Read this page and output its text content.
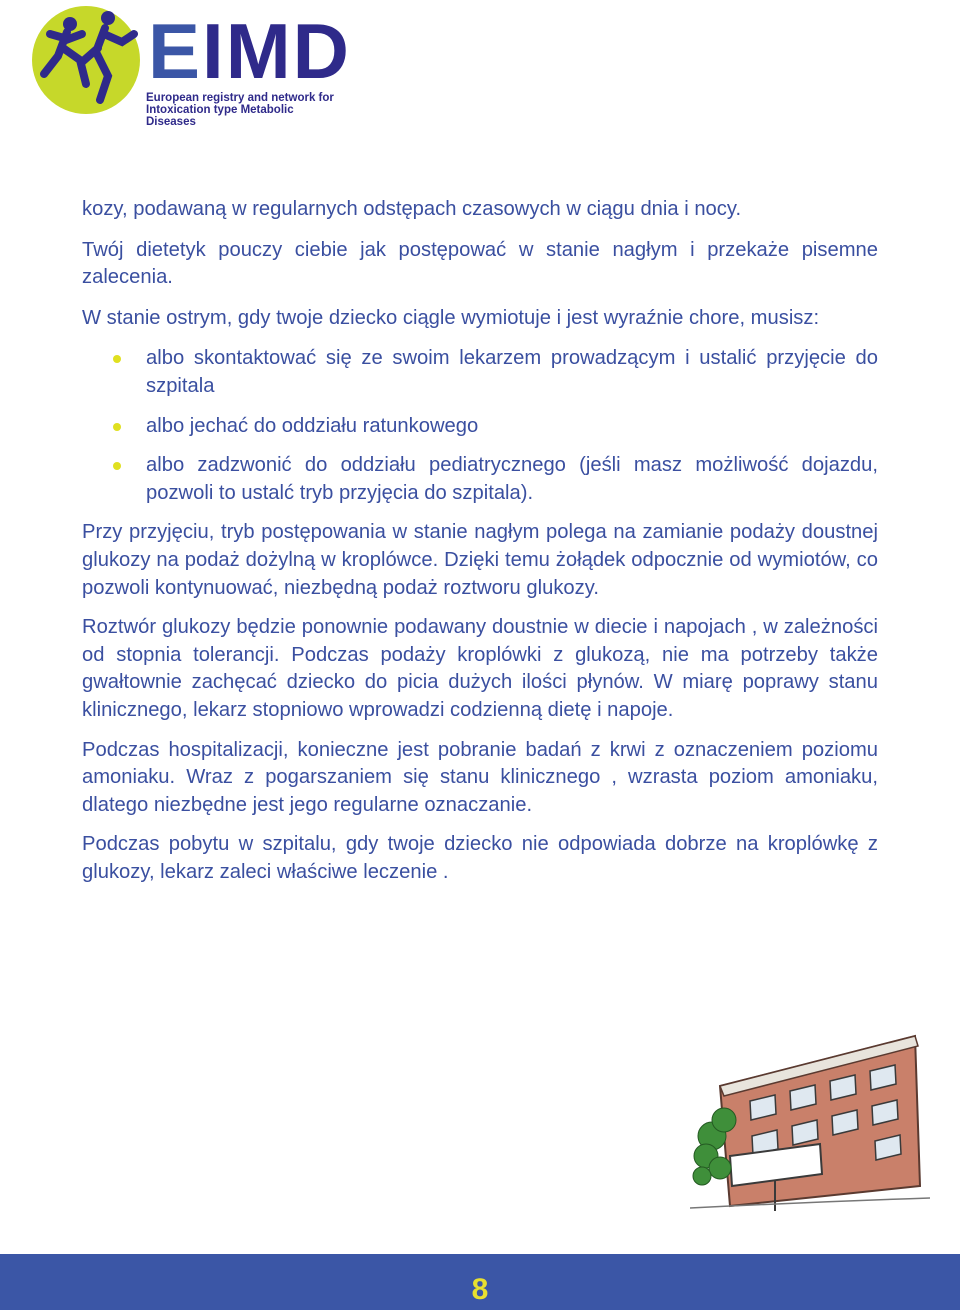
EIMD
European registry and network for
Intoxication type Metabolic Diseases

kozy, podawaną w regularnych odstępach czasowych w ciągu dnia i nocy.

Twój dietetyk pouczy ciebie jak postępować w stanie nagłym i przekaże pisemne zalecenia.

W stanie ostrym, gdy twoje dziecko ciągle wymiotuje i jest wyraźnie chore, musisz:

albo skontaktować się ze swoim lekarzem prowadzącym i ustalić przyjęcie do szpitala
albo jechać do oddziału ratunkowego
albo zadzwonić do oddziału pediatrycznego (jeśli masz możliwość dojazdu, pozwoli to ustalć tryb przyjęcia do szpitala).

Przy przyjęciu, tryb postępowania w stanie nagłym polega na zamianie podaży doustnej glukozy na podaż dożylną w kroplówce. Dzięki temu żołądek odpocznie od wymiotów, co pozwoli kontynuować, niezbędną podaż roztworu glukozy.

Roztwór glukozy będzie ponownie podawany doustnie w diecie i napojach , w zależności od stopnia tolerancji. Podczas podaży kroplówki z glukozą, nie ma potrzeby także gwałtownie zachęcać dziecko do picia dużych ilości płynów. W miarę poprawy stanu klinicznego, lekarz stopniowo wprowadzi codzienną dietę i napoje.

Podczas hospitalizacji, konieczne jest pobranie badań z krwi z oznaczeniem poziomu amoniaku. Wraz z pogarszaniem się stanu klinicznego , wzrasta poziom amoniaku, dlatego niezbędne jest jego regularne oznaczanie.

Podczas pobytu w szpitalu, gdy twoje dziecko nie odpowiada dobrze na kroplówkę z glukozy, lekarz zaleci właściwe leczenie .

8
